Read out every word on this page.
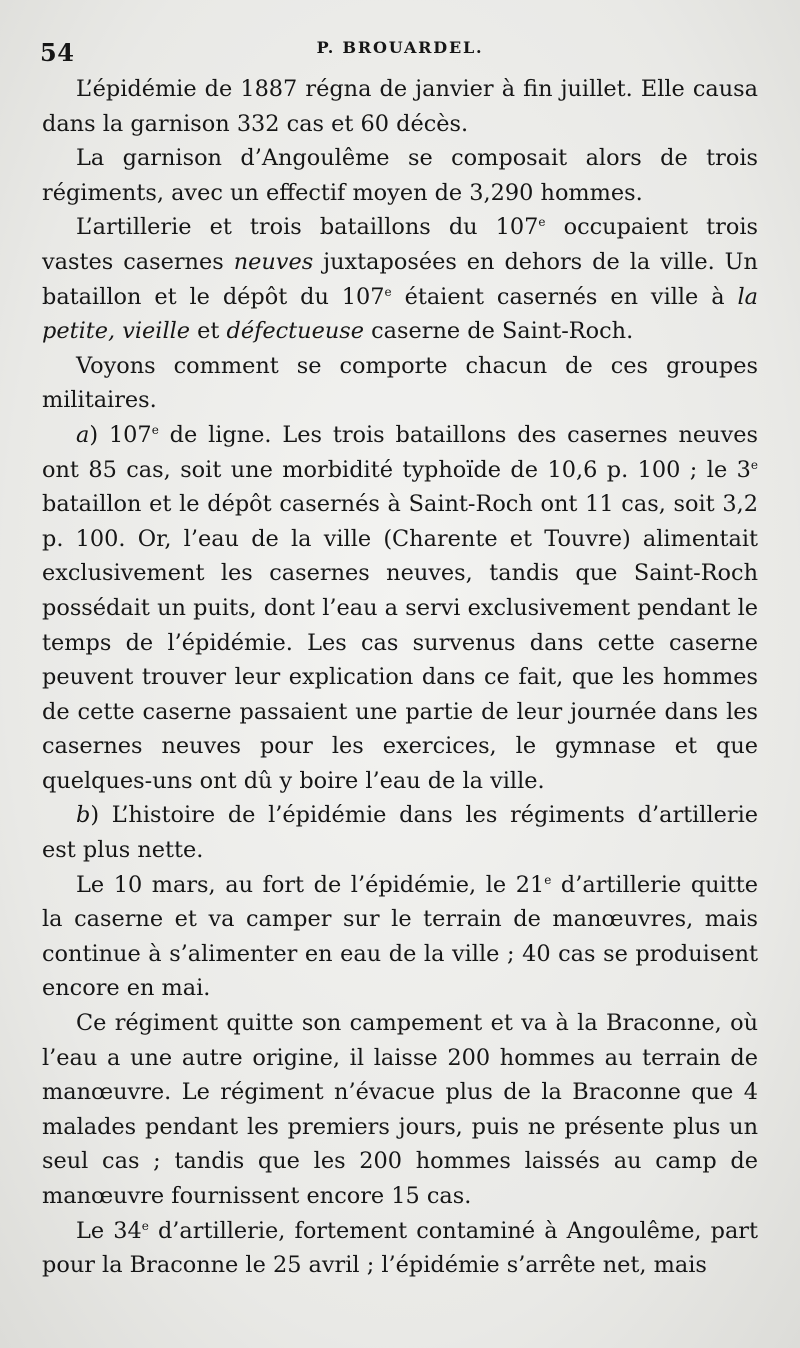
54	P. BROUARDEL.

L’épidémie de 1887 régna de janvier à fin juillet. Elle causa dans la garnison 332 cas et 60 décès.

La garnison d’Angoulême se composait alors de trois régiments, avec un effectif moyen de 3,290 hommes.

L’artillerie et trois bataillons du 107e occupaient trois vastes casernes neuves juxtaposées en dehors de la ville. Un bataillon et le dépôt du 107e étaient casernés en ville à la petite, vieille et défectueuse caserne de Saint-Roch.

Voyons comment se comporte chacun de ces groupes militaires.

a) 107e de ligne. Les trois bataillons des casernes neuves ont 85 cas, soit une morbidité typhoïde de 10,6 p. 100 ; le 3e bataillon et le dépôt casernés à Saint-Roch ont 11 cas, soit 3,2 p. 100. Or, l’eau de la ville (Charente et Touvre) alimentait exclusivement les casernes neuves, tandis que Saint-Roch possédait un puits, dont l’eau a servi exclusivement pendant le temps de l’épidémie. Les cas survenus dans cette caserne peuvent trouver leur explication dans ce fait, que les hommes de cette caserne passaient une partie de leur journée dans les casernes neuves pour les exercices, le gymnase et que quelques-uns ont dû y boire l’eau de la ville.

b) L’histoire de l’épidémie dans les régiments d’artillerie est plus nette.

Le 10 mars, au fort de l’épidémie, le 21e d’artillerie quitte la caserne et va camper sur le terrain de manœuvres, mais continue à s’alimenter en eau de la ville ; 40 cas se produisent encore en mai.

Ce régiment quitte son campement et va à la Braconne, où l’eau a une autre origine, il laisse 200 hommes au terrain de manœuvre. Le régiment n’évacue plus de la Braconne que 4 malades pendant les premiers jours, puis ne présente plus un seul cas ; tandis que les 200 hommes laissés au camp de manœuvre fournissent encore 15 cas.

Le 34e d’artillerie, fortement contaminé à Angoulême, part pour la Braconne le 25 avril ; l’épidémie s’arrête net, mais
